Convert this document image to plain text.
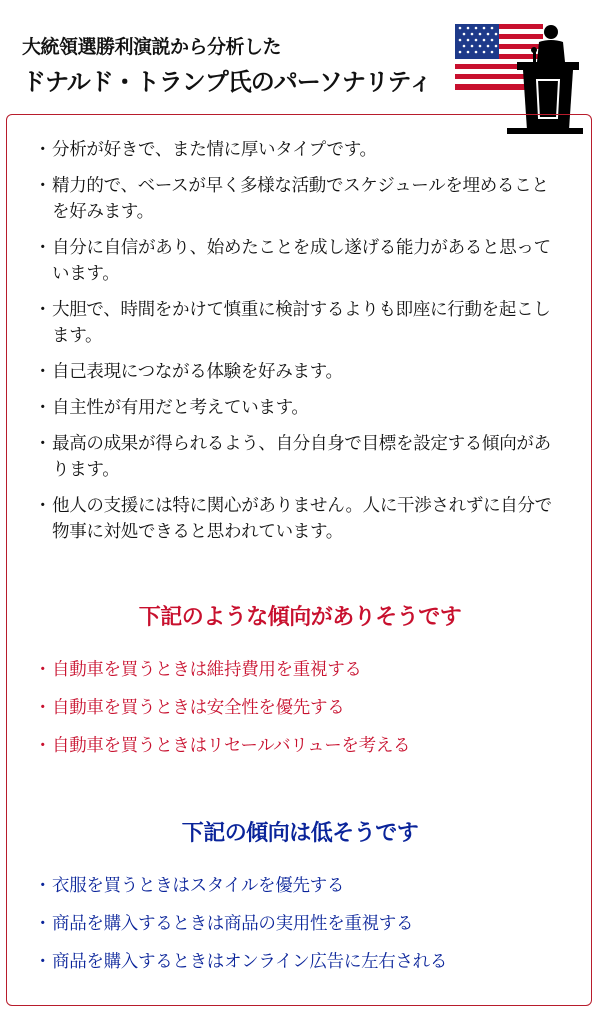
大統領選勝利演説から分析した
ドナルド・トランプ氏のパーソナリティ
・ 分析が好きで、また情に厚いタイプです。
・ 精力的で、ベースが早く多様な活動でスケジュールを埋めることを好みます。
・ 自分に自信があり、始めたことを成し遂げる能力があると思っています。
・ 大胆で、時間をかけて慎重に検討するよりも即座に行動を起こします。
・ 自己表現につながる体験を好みます。
・ 自主性が有用だと考えています。
・ 最高の成果が得られるよう、自分自身で目標を設定する傾向があります。
・ 他人の支援には特に関心がありません。人に干渉されずに自分で物事に対処できると思われています。
下記のような傾向がありそうです
・ 自動車を買うときは維持費用を重視する
・ 自動車を買うときは安全性を優先する
・ 自動車を買うときはリセールバリューを考える
下記の傾向は低そうです
・ 衣服を買うときはスタイルを優先する
・ 商品を購入するときは商品の実用性を重視する
・ 商品を購入するときはオンライン広告に左右される
